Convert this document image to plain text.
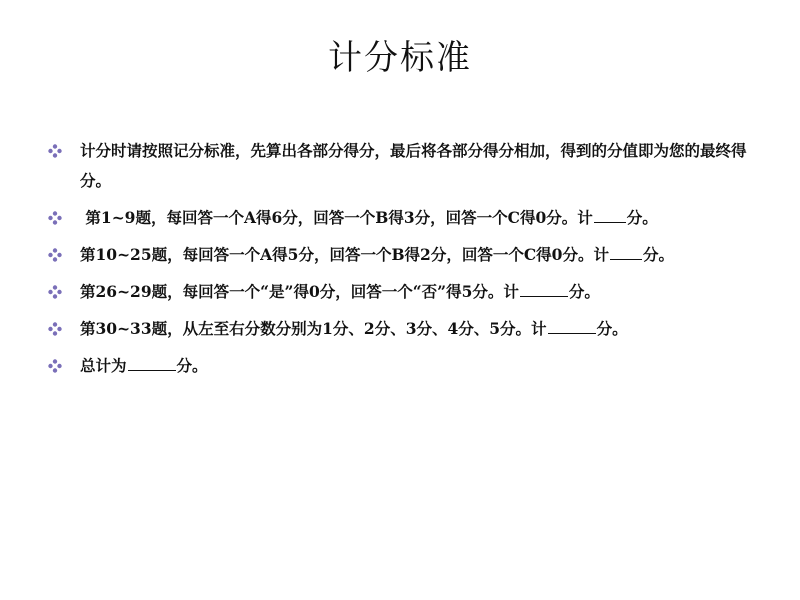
计分标准
计分时请按照记分标准，先算出各部分得分，最后将各部分得分相加，得到的分值即为您的最终得分。
第1~9题，每回答一个A得6分，回答一个B得3分，回答一个C得0分。计 分。
第10~25题，每回答一个A得5分，回答一个B得2分，回答一个C得0分。计 分。
第26~29题，每回答一个“是”得0分，回答一个“否”得5分。计	分。
第30~33题，从左至右分数分别为1分、2分、3分、4分、5分。计	分。
总计为	分。
